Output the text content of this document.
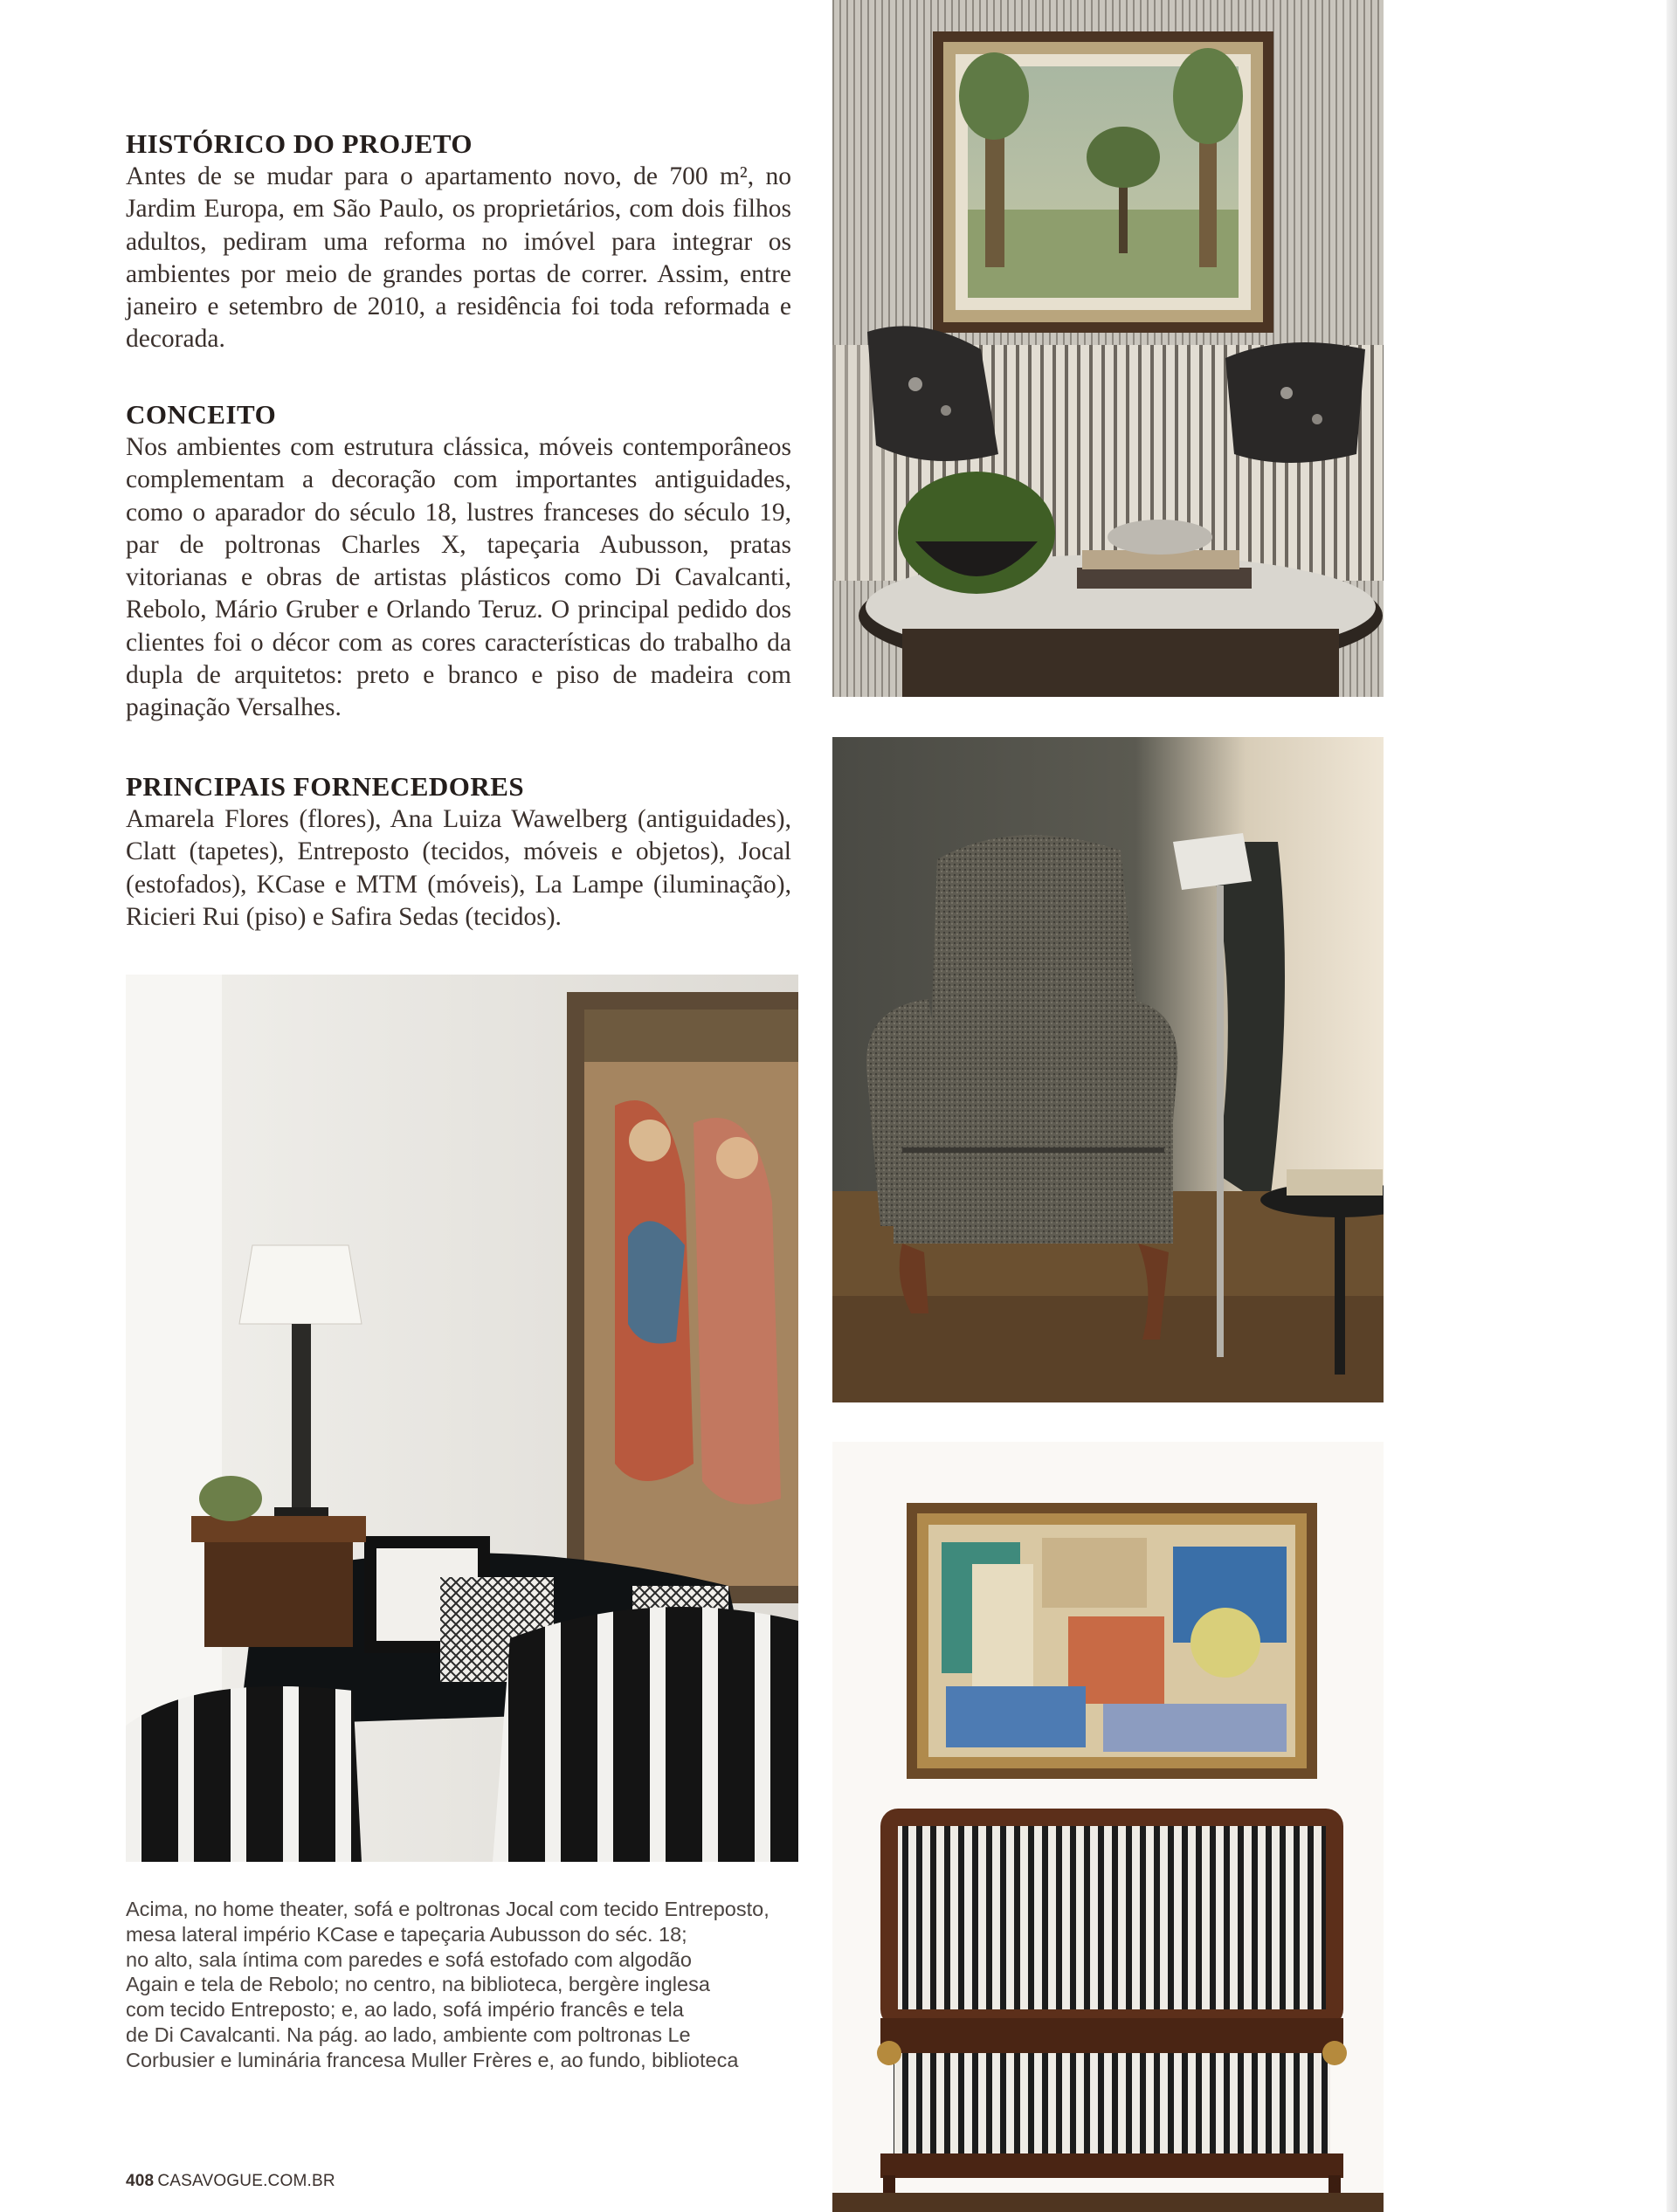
HISTÓRICO DO PROJETO

Antes de se mudar para o apartamento novo, de 700 m², no Jardim Europa, em São Paulo, os proprietários, com dois filhos adultos, pediram uma reforma no imóvel para integrar os ambientes por meio de grandes portas de correr. Assim, entre janeiro e setembro de 2010, a residência foi toda reformada e decorada.

CONCEITO

Nos ambientes com estrutura clássica, móveis contemporâneos complementam a decoração com importantes antiguidades, como o aparador do século 18, lustres franceses do século 19, par de poltronas Charles X, tapeçaria Aubusson, pratas vitorianas e obras de artistas plásticos como Di Cavalcanti, Rebolo, Mário Gruber e Orlando Teruz. O principal pedido dos clientes foi o décor com as cores características do trabalho da dupla de arquitetos: preto e branco e piso de madeira com paginação Versalhes.

PRINCIPAIS FORNECEDORES

Amarela Flores (flores), Ana Luiza Wawelberg (antiguidades), Clatt (tapetes), Entreposto (tecidos, móveis e objetos), Jocal (estofados), KCase e MTM (móveis), La Lampe (iluminação), Ricieri Rui (piso) e Safira Sedas (tecidos).

Acima, no home theater, sofá e poltronas Jocal com tecido Entreposto,
mesa lateral império KCase e tapeçaria Aubusson do séc. 18;
no alto, sala íntima com paredes e sofá estofado com algodão
Again e tela de Rebolo; no centro, na biblioteca, bergère inglesa
com tecido Entreposto; e, ao lado, sofá império francês e tela
de Di Cavalcanti. Na pág. ao lado, ambiente com poltronas Le
Corbusier e luminária francesa Muller Frères e, ao fundo, biblioteca
408 CASAVOGUE.COM.BR
